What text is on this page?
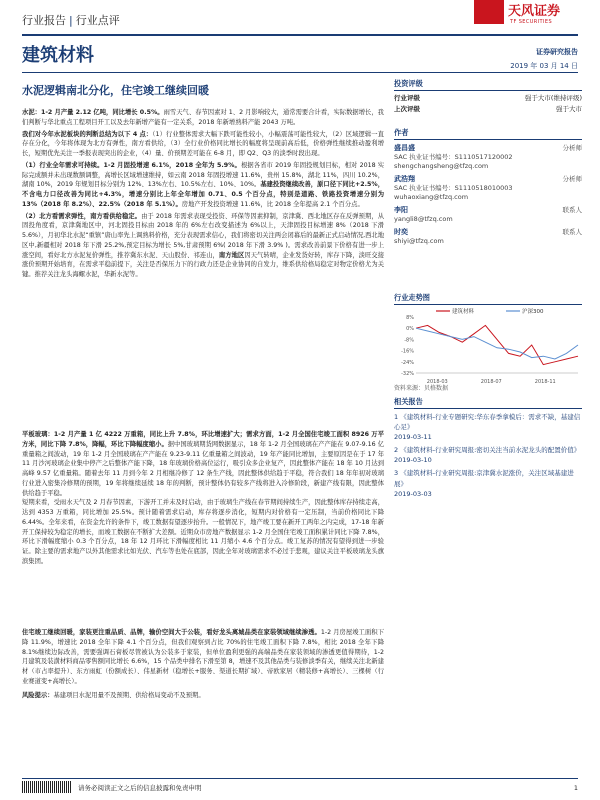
行业报告 | 行业点评
天风证券
TF SECURITIES
建筑材料	证券研究报告
2019 年 03 月 14 日
水泥逻辑南北分化，住宅竣工继续回暖

水泥：1-2 月产量 2.12 亿吨，同比增长 0.5%。雨雪天气、春节因素对 1、2 月影响较大，通常需要合计看，实际数据增长，我们判断与华北重点工程项目开工以及去年新增产能有一定关系，2018 年新增熟料产能 2043 万吨。

我们对今年水泥板块的判断总结为以下 4 点：（1）行业整体需求大幅下跌可能性较小，小幅震荡可能性较大，（2）区域逻辑一直存在分化，今年将体现为北方有弹性，南方看供给，（3）全行业价格同比增长的幅度将呈现前高后低，价格弹性继续推动盈利增长，短期优先关注一季报表现突出的企业，（4）量、价预期差可能在 6-8 月，即 Q2、Q3 的淡季时段出现。

（1）行业全年需求可持续。1-2 月固投增速 6.1%，2018 全年为 5.9%。根据各省市 2019 年固投规划目标，相对 2018 实际完成额并未出现数额调整，高增长区域增速维持，如云南 2018 年固投增速 11.6%，贵州 15.8%，湖北 11%，四川 10.2%，湖南 10%，2019 年规划目标分别为 12%、13%左右、10.5%左右、10%、10%。基建投资继续改善，原口径下同比+2.5%，不含电力口径改善为同比+4.3%，增速分别比上年全年增加 0.71、0.5 个百分点，特别是道路、铁路投资增速分别为 13%（2018 年 8.2%）、22.5%（2018 年 5.1%）。房地产开发投资增速 11.6%，比 2018 全年提高 2.1 个百分点。

（2）北方看需求弹性，南方看供给稳定。由于 2018 年需求表现受投资、环保等因素抑制，京津冀、西北地区存在反弹预期，从固投角度看，京津冀地区中，河北固投目标由 2018 年的 6%左右改变描述为 6%以上，天津固投目标增速 8%（2018 下滑 5.6%），月初华北水泥“重镇”唐山率先上调熟料价格，充分表现需求信心，我们将密切关注两会闭幕后的最新正式启动情况,西北地区中,新疆相对 2018 年下滑 25.2%,预定目标为增长 5%,甘肃预期 6%( 2018 年下滑 3.9% )。需求改善前景下价格有进一步上涨空间，看好北方水泥复价弹性，推荐冀东水泥、天山股份、祁连山，南方地区因天气转晴，企业发货好转，库存下降，淡旺交接涨价预期开始培育，在需求平稳前提下，关注是否保压力下的行政力还是企业协同的自发力，维系供给格局稳定对物定价格尤为关键。推荐关注龙头海螺水泥，华新水泥等。

平板玻璃：1-2 月产量 1 亿 4222 万重箱，同比上升 7.8%，环比增速扩大；需求方面，1-2 月全国住宅竣工面积 8926 万平方米，同比下降 7.8%，降幅，环比下降幅度缩小。据中国玻璃期货网数据显示，18 年 1-2 月全国玻璃在产产能在 9.07-9.16 亿重量箱之间波动，19 年 1-2 月全国玻璃在产产能在 9.23-9.11 亿重量箱之间波动，19 年产能同比增加，主要原因是在于 17 年 11 月沙河玻璃企业集中停产之后整体产能下降，18 年玻璃价格高位运行，吸引众多企业复产，因此整体产能在 18 年 10 月达到高峰 9.57 亿重量箱。随着去年 11 月到今年 2 月相继冷修了 12 条生产线，因此整体供给趋于平稳，符合我们 18 年年初对玻璃行业进入密集冷修期的预期，19 年将继续延续 18 年的判断，预计整体仍有较多产线将进入冷修阶段，新建产线有限，因此整体供给趋于平稳。

短期来看，受雨水天气及 2 月春节因素，下游开工并未及时启动，由于玻璃生产线在春节期间持续生产，因此整体库存持续走高，达到 4353 万重箱，同比增加 25.5%。预计随着需求启动，库存将逐步消化，短期内对价格有一定压制，当前价格同比下降 6.44%。全年来看，在资金允许的条件下，竣工数据有望逐步抬升。一般情况下，地产竣工要在新开工两年之内完成，17-18 年新开工保持较为稳定的增长，而竣工数据在不断扩大差额。近期众市房地产数据显示 1-2 月全国住宅竣工面积累计同比下降 7.8%，环比下滑幅度缩小 0.3 个百分点，18 年 12 月环比下滑幅度相比 11 月缩小 4.6 个百分点。竣工复苏的情况有望得到进一步验证。除主要的需求地产以外其他需求比如光伏、汽车等也处在底部，因此全年对玻璃需求不必过于悲观，建议关注平板玻璃龙头旗滨集团。

住宅竣工继续回暖，家装更注重品质、品牌，输价空间大于公装，看好龙头离城品类在家装领域继续渗透。1-2 月房屋竣工面积下降 11.9%，增速比 2018 全年下降 4.1 个百分点，但我们观察到占比 70%的住宅竣工面积下降 7.8%，相比 2018 全年下降 8.1%继续边际改善，需要强调石膏板尽管被认为公装多于家装，但单位盈利更强的高端品类在家装领域的渗透更值得期待，1-2 月建筑及装潢材料商品零售额同比增长 6.6%，15 个品类中排名下滑至第 8，增速不及其他品类与装修淡季有关，继续关注北新建材（市占率提升）、东方雨虹（份额成长）、伟星新材（稳增长+服务、渠道长期扩域）、帝欧家居（精装修+高增长）、三棵树（行业赛道变+高增长）。

风险提示：基建项目水泥用量不及预期、供给格局变动不及预期。

投资评级
行业评级	强于大市(维持评级)
上次评级	强于大市
作者
盛昌盛	分析师
SAC 执业证书编号：S1110517120002
shengchangsheng@tfzq.com
武浩翔	分析师
SAC 执业证书编号：S1110518010003
wuhaoxiang@tfzq.com
李阳	联系人
yangli8@tfzq.com
时奕	联系人
shiyi@tfzq.com
行业走势图
8%
0%
-8%
-16%
-24%
-32%
2018-03	2018-07	2018-11
建筑材料	沪深300
资料来源：贝格数据
相关报告
1 《建筑材料-行业专题研究:华东春季拿模后：需求不缺，基建信心足》
2019-03-11
2 《建筑材料-行业研究周报:密切关注当前水泥龙头的配置价值》
2019-03-10
3 《建筑材料-行业研究周报:京津冀水泥涨价，关注区域基建进展》
2019-03-03
请务必阅读正文之后的信息披露和免责申明	1
